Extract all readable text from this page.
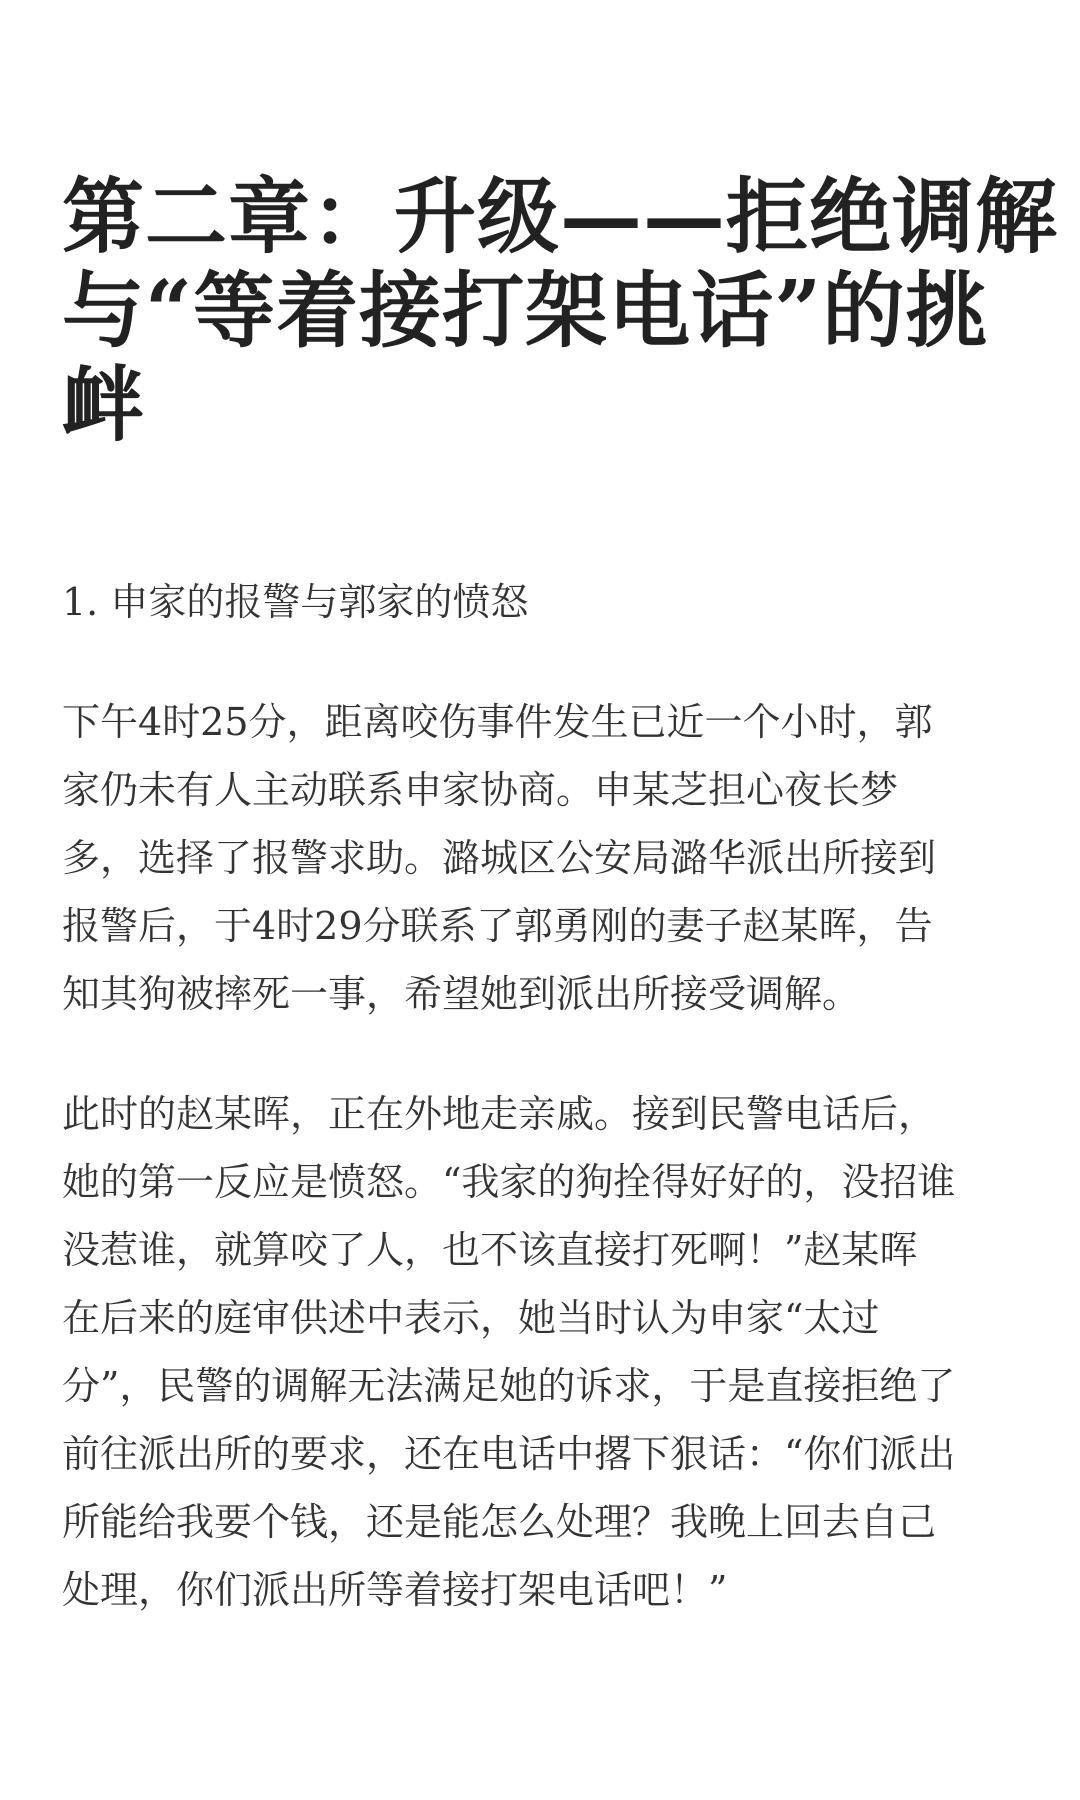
第二章：升级——拒绝调解
与“等着接打架电话”的挑
衅
1. 申家的报警与郭家的愤怒

下午4时25分，距离咬伤事件发生已近一个小时，郭
家仍未有人主动联系申家协商。申某芝担心夜长梦
多，选择了报警求助。潞城区公安局潞华派出所接到
报警后，于4时29分联系了郭勇刚的妻子赵某晖，告
知其狗被摔死一事，希望她到派出所接受调解。

此时的赵某晖，正在外地走亲戚。接到民警电话后，
她的第一反应是愤怒。“我家的狗拴得好好的，没招谁
没惹谁，就算咬了人，也不该直接打死啊！”赵某晖
在后来的庭审供述中表示，她当时认为申家“太过
分”，民警的调解无法满足她的诉求，于是直接拒绝了
前往派出所的要求，还在电话中撂下狠话：“你们派出
所能给我要个钱，还是能怎么处理？我晚上回去自己
处理，你们派出所等着接打架电话吧！”
